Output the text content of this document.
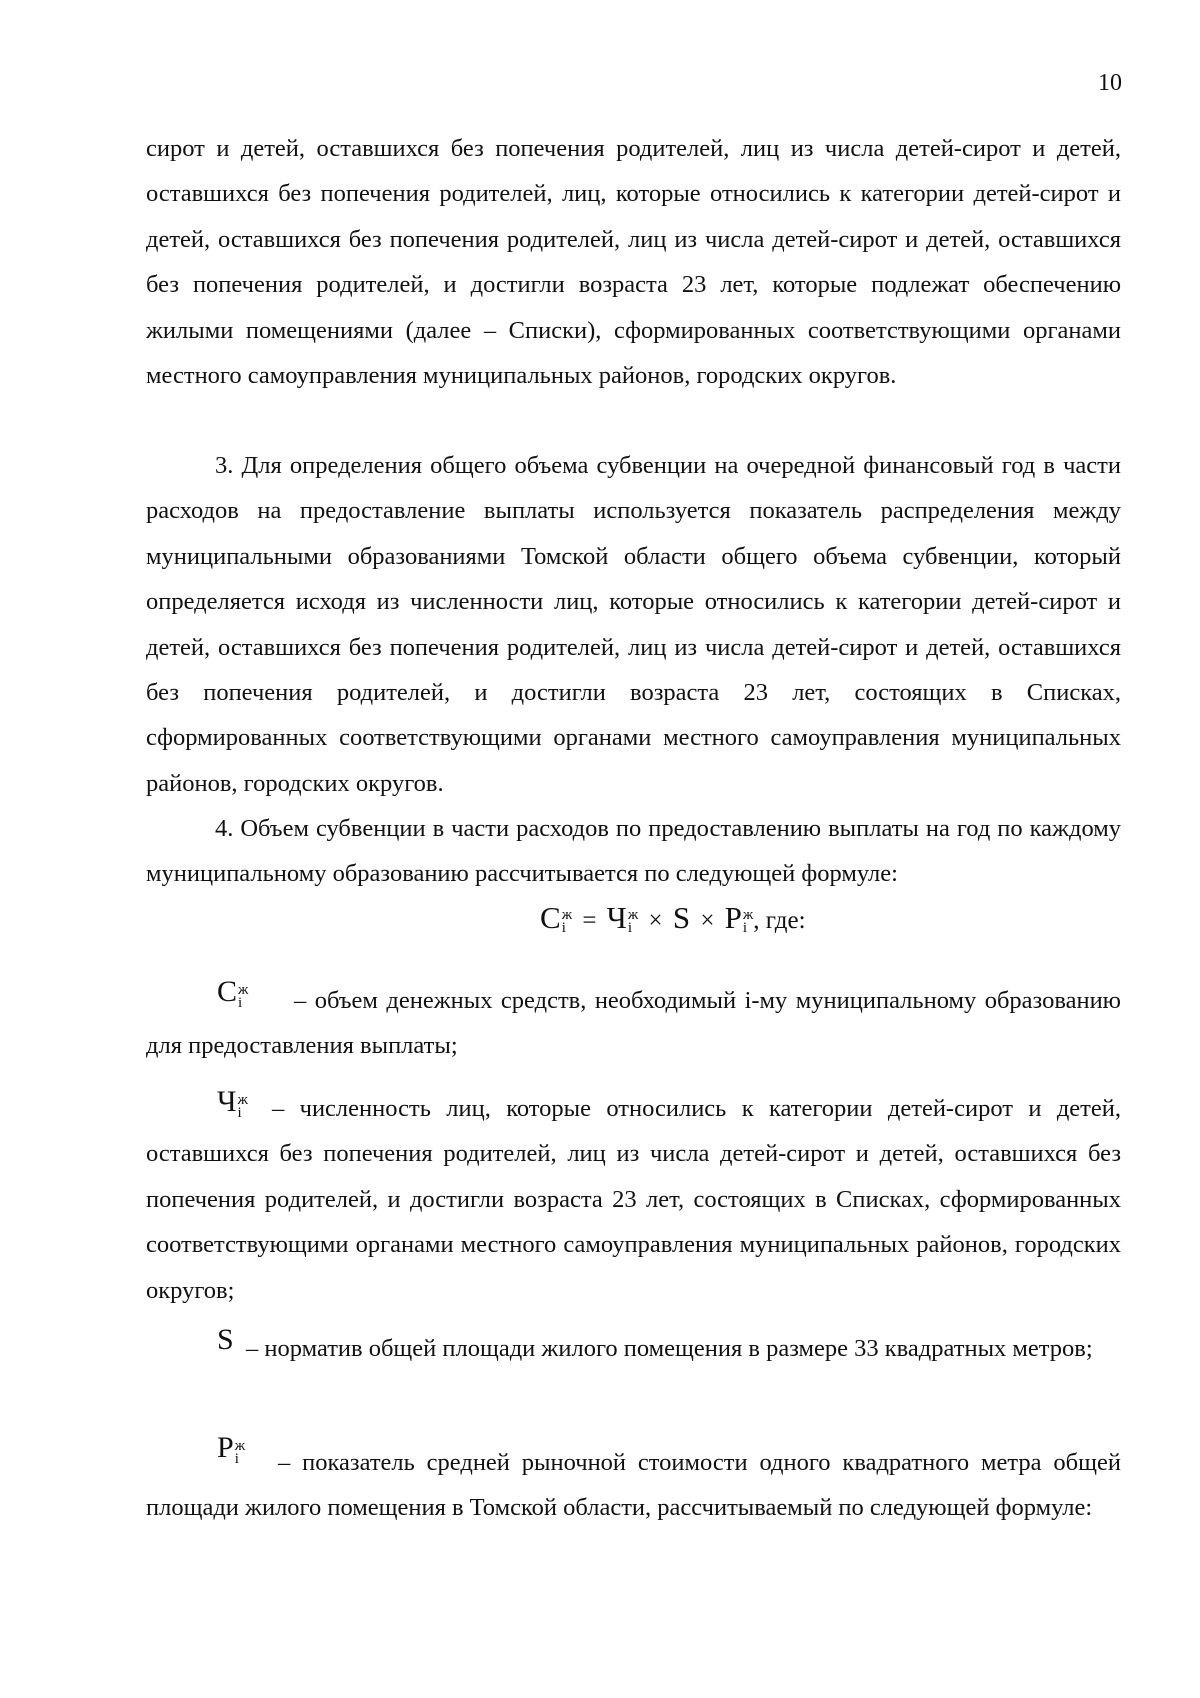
10

сирот и детей, оставшихся без попечения родителей, лиц из числа детей-сирот и детей, оставшихся без попечения родителей, лиц, которые относились к категории детей-сирот и детей, оставшихся без попечения родителей, лиц из числа детей-сирот и детей, оставшихся без попечения родителей, и достигли возраста 23 лет, которые подлежат обеспечению жилыми помещениями (далее – Списки), сформированных соответствующими органами местного самоуправления муниципальных районов, городских округов.

3. Для определения общего объема субвенции на очередной финансовый год в части расходов на предоставление выплаты используется показатель распределения между муниципальными образованиями Томской области общего объема субвенции, который определяется исходя из численности лиц, которые относились к категории детей-сирот и детей, оставшихся без попечения родителей, лиц из числа детей-сирот и детей, оставшихся без попечения родителей, и достигли возраста 23 лет, состоящих в Списках, сформированных соответствующими органами местного самоуправления муниципальных районов, городских округов.

4. Объем субвенции в части расходов по предоставлению выплаты на год по каждому муниципальному образованию рассчитывается по следующей формуле:

C ж
i = Ч ж
i × S × P ж
i , где:
C ж
i	– объем денежных средств, необходимый i-му муниципальному образованию для предоставления выплаты;

Ч ж
i	– численность лиц, которые относились к категории детей-сирот и детей, оставшихся без попечения родителей, лиц из числа детей-сирот и детей, оставшихся без попечения родителей, и достигли возраста 23 лет, состоящих в Списках, сформированных соответствующими органами местного самоуправления муниципальных районов, городских округов;

S – норматив общей площади жилого помещения в размере 33 квадратных метров;

P ж
i	– показатель средней рыночной стоимости одного квадратного метра общей площади жилого помещения в Томской области, рассчитываемый по следующей формуле:
